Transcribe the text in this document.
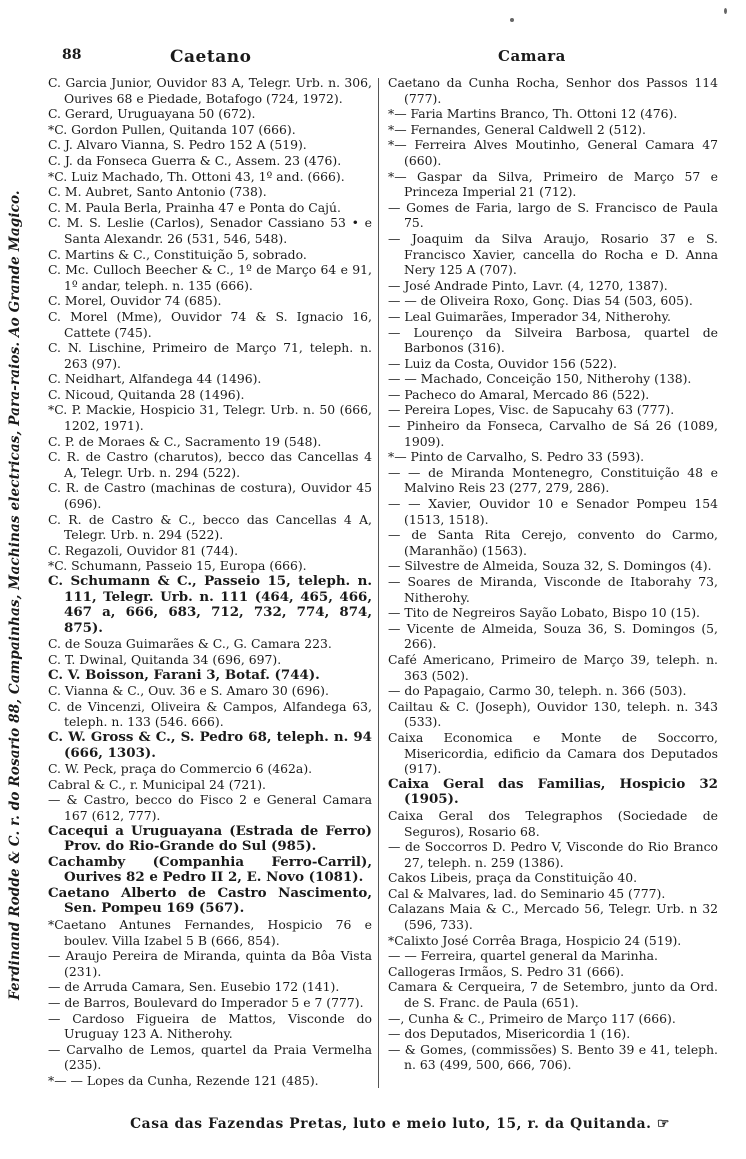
Ferdinand Rodde & C. r. do Rosario 88, Campainhas, Machinas electricas, Para-raios. Ao Grande Magico.
88	Caetano	Camara
C. Garcia Junior, Ouvidor 83 A, Telegr. Urb. n. 306, Ourives 68 e Piedade, Botafogo (724, 1972).
C. Gerard, Uruguayana 50 (672).
*C. Gordon Pullen, Quitanda 107 (666).
C. J. Alvaro Vianna, S. Pedro 152 A (519).
C. J. da Fonseca Guerra & C., Assem. 23 (476).
*C. Luiz Machado, Th. Ottoni 43, 1º and. (666).
C. M. Aubret, Santo Antonio (738).
C. M. Paula Berla, Prainha 47 e Ponta do Cajú.
C. M. S. Leslie (Carlos), Senador Cassiano 53 • e Santa Alexandr. 26 (531, 546, 548).
C. Martins & C., Constituição 5, sobrado.
C. Mc. Culloch Beecher & C., 1º de Março 64 e 91, 1º andar, teleph. n. 135 (666).
C. Morel, Ouvidor 74 (685).
C. Morel (Mme), Ouvidor 74 & S. Ignacio 16, Cattete (745).
C. N. Lischine, Primeiro de Março 71, teleph. n. 263 (97).
C. Neidhart, Alfandega 44 (1496).
C. Nicoud, Quitanda 28 (1496).
*C. P. Mackie, Hospicio 31, Telegr. Urb. n. 50 (666, 1202, 1971).
C. P. de Moraes & C., Sacramento 19 (548).
C. R. de Castro (charutos), becco das Cancellas 4 A, Telegr. Urb. n. 294 (522).
C. R. de Castro (machinas de costura), Ouvidor 45 (696).
C. R. de Castro & C., becco das Cancellas 4 A, Telegr. Urb. n. 294 (522).
C. Regazoli, Ouvidor 81 (744).
*C. Schumann, Passeio 15, Europa (666).
C. Schumann & C., Passeio 15, teleph. n. 111, Telegr. Urb. n. 111 (464, 465, 466, 467 a, 666, 683, 712, 732, 774, 874, 875).
C. de Souza Guimarães & C., G. Camara 223.
C. T. Dwinal, Quitanda 34 (696, 697).
C. V. Boisson, Farani 3, Botaf. (744).
C. Vianna & C., Ouv. 36 e S. Amaro 30 (696).
C. de Vincenzi, Oliveira & Campos, Alfandega 63, teleph. n. 133 (546. 666).
C. W. Gross & C., S. Pedro 68, teleph. n. 94 (666, 1303).
C. W. Peck, praça do Commercio 6 (462a).
Cabral & C., r. Municipal 24 (721).
— & Castro, becco do Fisco 2 e General Camara 167 (612, 777).
Cacequi a Uruguayana (Estrada de Ferro) Prov. do Rio-Grande do Sul (985).
Cachamby (Companhia Ferro-Carril), Ourives 82 e Pedro II 2, E. Novo (1081).
Caetano Alberto de Castro Nascimento, Sen. Pompeu 169 (567).
*Caetano Antunes Fernandes, Hospicio 76 e boulev. Villa Izabel 5 B (666, 854).
— Araujo Pereira de Miranda, quinta da Bôa Vista (231).
— de Arruda Camara, Sen. Eusebio 172 (141).
— de Barros, Boulevard do Imperador 5 e 7 (777).
— Cardoso Figueira de Mattos, Visconde do Uruguay 123 A. Nitherohy.
— Carvalho de Lemos, quartel da Praia Vermelha (235).
*— — Lopes da Cunha, Rezende 121 (485).
Caetano da Cunha Rocha, Senhor dos Passos 114 (777).
*— Faria Martins Branco, Th. Ottoni 12 (476).
*— Fernandes, General Caldwell 2 (512).
*— Ferreira Alves Moutinho, General Camara 47 (660).
*— Gaspar da Silva, Primeiro de Março 57 e Princeza Imperial 21 (712).
— Gomes de Faria, largo de S. Francisco de Paula 75.
— Joaquim da Silva Araujo, Rosario 37 e S. Francisco Xavier, cancella do Rocha e D. Anna Nery 125 A (707).
— José Andrade Pinto, Lavr. (4, 1270, 1387).
— — de Oliveira Roxo, Gonç. Dias 54 (503, 605).
— Leal Guimarães, Imperador 34, Nitherohy.
— Lourenço da Silveira Barbosa, quartel de Barbonos (316).
— Luiz da Costa, Ouvidor 156 (522).
— — Machado, Conceição 150, Nitherohy (138).
— Pacheco do Amaral, Mercado 86 (522).
— Pereira Lopes, Visc. de Sapucahy 63 (777).
— Pinheiro da Fonseca, Carvalho de Sá 26 (1089, 1909).
*— Pinto de Carvalho, S. Pedro 33 (593).
— — de Miranda Montenegro, Constituição 48 e Malvino Reis 23 (277, 279, 286).
— — Xavier, Ouvidor 10 e Senador Pompeu 154 (1513, 1518).
— de Santa Rita Cerejo, convento do Carmo, (Maranhão) (1563).
— Silvestre de Almeida, Souza 32, S. Domingos (4).
— Soares de Miranda, Visconde de Itaborahy 73, Nitherohy.
— Tito de Negreiros Sayão Lobato, Bispo 10 (15).
— Vicente de Almeida, Souza 36, S. Domingos (5, 266).
Café Americano, Primeiro de Março 39, teleph. n. 363 (502).
— do Papagaio, Carmo 30, teleph. n. 366 (503).
Cailtau & C. (Joseph), Ouvidor 130, teleph. n. 343 (533).
Caixa Economica e Monte de Soccorro, Misericordia, edificio da Camara dos Deputados (917).
Caixa Geral das Familias, Hospicio 32 (1905).
Caixa Geral dos Telegraphos (Sociedade de Seguros), Rosario 68.
— de Soccorros D. Pedro V, Visconde do Rio Branco 27, teleph. n. 259 (1386).
Cakos Libeis, praça da Constituição 40.
Cal & Malvares, lad. do Seminario 45 (777).
Calazans Maia & C., Mercado 56, Telegr. Urb. n 32 (596, 733).
*Calixto José Corrêa Braga, Hospicio 24 (519).
— — Ferreira, quartel general da Marinha.
Callogeras Irmãos, S. Pedro 31 (666).
Camara & Cerqueira, 7 de Setembro, junto da Ord. de S. Franc. de Paula (651).
—, Cunha & C., Primeiro de Março 117 (666).
— dos Deputados, Misericordia 1 (16).
— & Gomes, (commissões) S. Bento 39 e 41, teleph. n. 63 (499, 500, 666, 706).
Casa das Fazendas Pretas, luto e meio luto, 15, r. da Quitanda. ☞
